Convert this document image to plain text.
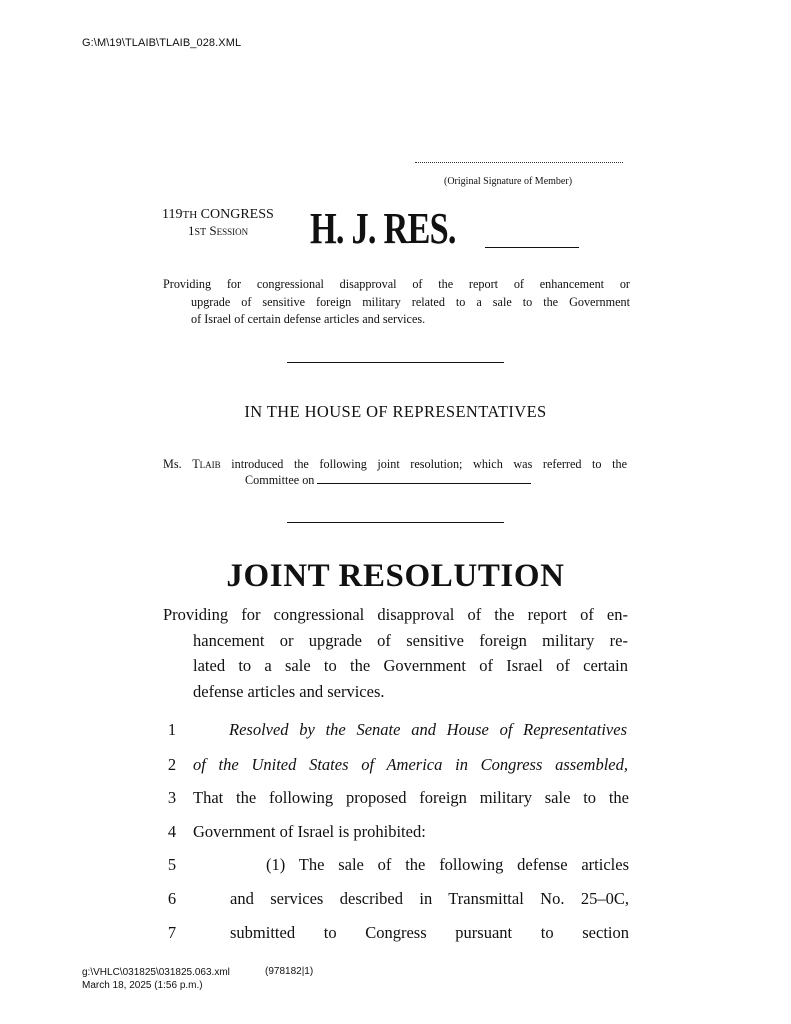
G:\M\19\TLAIB\TLAIB_028.XML
(Original Signature of Member)
119TH CONGRESS
1ST Session	H. J. RES.
Providing for congressional disapproval of the report of enhancement or
upgrade of sensitive foreign military related to a sale to the Government
of Israel of certain defense articles and services.
IN THE HOUSE OF REPRESENTATIVES
Ms. Tlaib introduced the following joint resolution; which was referred to the
Committee on
JOINT RESOLUTION
Providing for congressional disapproval of the report of en-
hancement or upgrade of sensitive foreign military re-
lated to a sale to the Government of Israel of certain
defense articles and services.
1	Resolved by the Senate and House of Representatives
2	of the United States of America in Congress assembled,
3	That the following proposed foreign military sale to the
4	Government of Israel is prohibited:
5	(1) The sale of the following defense articles
6	and services described in Transmittal No. 25–0C,
7	submitted to Congress pursuant to section
g:\VHLC\031825\031825.063.xml
March 18, 2025 (1:56 p.m.)
(978182|1)
